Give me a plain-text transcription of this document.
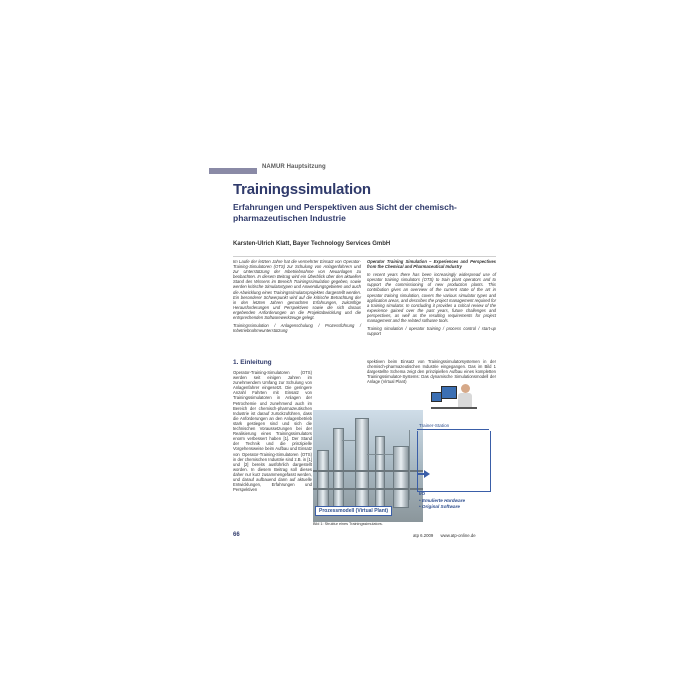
NAMUR Hauptsitzung
Trainingssimulation
Erfahrungen und Perspektiven aus Sicht der chemisch-pharmazeutischen Industrie
Karsten-Ulrich Klatt, Bayer Technology Services GmbH
Im Laufe der letzten Jahre hat die vermehrter Einsatz von Operator-Training-Simulatoren (OTS) zur Schulung von Anlagenfahrern und zur Unterstützung der Inbetriebnahme von Neuanlagen zu beobachten. In diesem Beitrag wird ein Überblick über den aktuellen Stand des Wissens im Bereich Trainingssimulation gegeben, sowie werden kritische Simulatortypen und Anwendungsgebieten und auch die Abwicklung eines Trainingssimulatorprojektes dargestellt werden. Ein besonderer Schwerpunkt wird auf die kritische Betrachtung der in den letzten Jahren gemachten Erfahrungen, zukünftige Herausforderungen und Perspektiven sowie die sich daraus ergebenden Anforderungen an die Projektabwicklung und die entsprechenden Softwarewerkzeuge gelegt.
Trainingssimulation / Anlagenschulung / Prozessführung / Inbetriebnahmeunterstützung
Operator Training Simulation – Experiences and Perspectives from the Chemical and Pharmaceutical Industry
In recent years there has been increasingly widespread use of operator training simulators (OTS) to train plant operators and to support the commissioning of new production plants. This contribution gives an overview of the current state of the art in operator training simulation, covers the various simulator types and application areas, and describes the project management required for a training simulator. In concluding it provides a critical review of the experience gained over the past years, future challenges and perspectives, as well as the resulting requirements for project management and the related software tools.
Training simulation / operator training / process control / start-up support
1. Einleitung
Operator-Training-Simulatoren (OTS) werden seit einigen Jahren im zunehmendem Umfang zur Schulung von Anlagenfahrer eingesetzt. Die geringere Anzahl Fahrten mit Einsatz von Trainingssimulatoren in Anlagen der Petrochemie und zunehmend auch im Bereich der chemisch-pharmazeutischen Industrie ist darauf zurückzuführen, dass die Anforderungen an den Anlagenbetrieb stark gestiegen sind und sich die technischen Voraussetzungen bei der Realisierung eines Trainingssimulators enorm verbessert haben [1]. Der Stand der Technik und die prinzipielle Vorgehensweise beim Aufbau und Einsatz von Operator-Training-Simulatoren (OTS) in der chemischen Industrie sind z.B. in [1] und [2] bereits ausführlich dargestellt worden. In diesem Beitrag soll dieses daher nur kurz zusammengefasst werden, und darauf aufbauend dann auf aktuelle Entwicklungen, Erfahrungen und Perspektiven
spektiven beim Einsatz von Trainingssimulatorsystemen in der chemisch-pharmazeutischen Industrie eingegangen. Das im Bild 1 dargestellte Schema zeigt den prinzipiellen Aufbau eines kompletten Trainingssimulator-Systems: Das dynamische Simulationsmodell der Anlage (Virtual Plant)
Prozessmodell (Virtual Plant)
Trainer-Station
I/O
• Emulierte Hardware
• Original Software
Bild 1: Struktur eines Trainingssimulators.
66	atp 6.2009 www.atp-online.de
